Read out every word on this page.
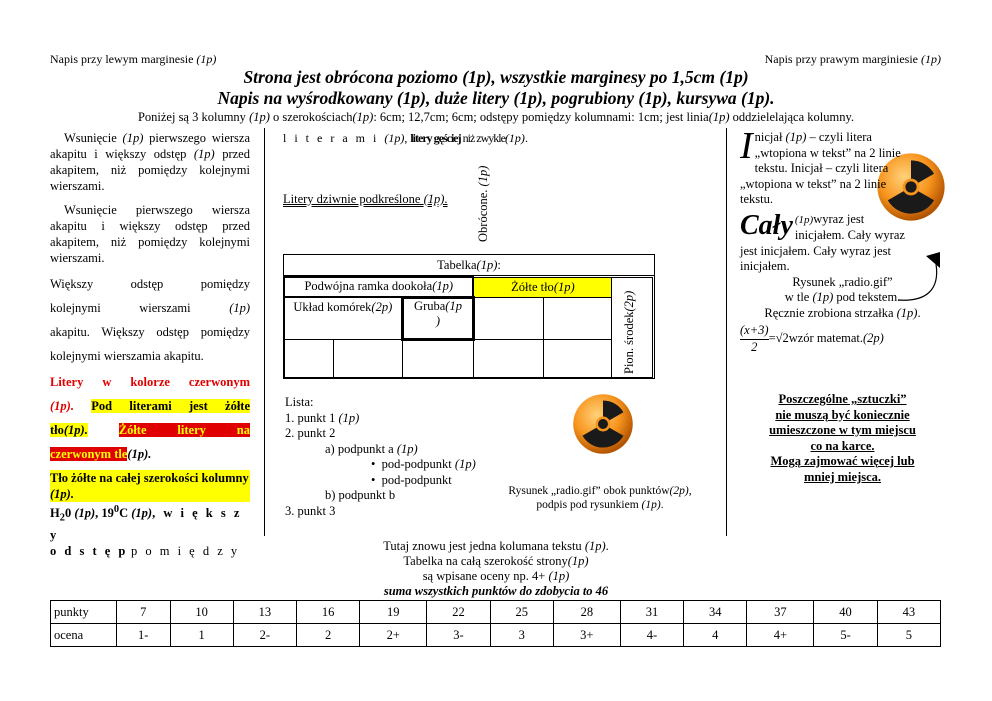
Napis przy lewym marginesie (1p)	Napis przy prawym marginiesie (1p)
Strona jest obrócona poziomo (1p), wszystkie marginesy po 1,5cm (1p)
Napis na wyśrodkowany (1p), duże litery (1p), pogrubiony (1p), kursywa (1p).
Poniżej są 3 kolumny (1p) o szerokościach(1p): 6cm; 12,7cm; 6cm; odstępy pomiędzy kolumnami: 1cm; jest linia(1p) oddzielelająca kolumny.

Wsunięcie (1p) pierwszego wiersza akapitu i większy odstęp (1p) przed akapitem, niż pomiędzy kolejnymi wierszami.

Wsunięcie pierwszego wiersza akapitu i większy odstęp przed akapitem, niż pomiędzy kolejnymi wierszami.

Większy odstęp pomiędzy
kolejnymi wierszami	(1p)
akapitu. Większy odstęp pomiędzy
kolejnymi wierszamia akapitu.
Litery w kolorze czerwonym
(1p). Pod literami jest żółte
tło(1p). Żółte litery na
czerwonym tle(1p).
Tło żółte na całej szerokości kolumny (1p).
$H_20$ (1p), $19^0C$ (1p), w i ę k s z y
o d s t ę p p o m i ę d z y
l i t e r a m i (1p), litery gęściej niż zwykle(1p).
Litery dziwnie podkreślone (1p). Obrócone. (1p)
Tabelka(1p):
Podwójna ramka dookoła(1p)			Żółte tło(1p)		Pion. środek(2p)

Układ komórek(2p)		Gruba(1p
)			

Lista:
1. punkt 1 (1p)
2. punkt 2
a) podpunkt a (1p)
•  pod-podpunkt (1p)
•  pod-podpunkt
b) podpunkt b
3. punkt 3
Rysunek „radio.gif” obok punktów(2p),
podpis pod rysunkiem (1p).
I nicjał (1p) – czyli litera
„wtopiona w tekst” na 2 linie
tekstu. Inicjał – czyli litera
„wtopiona w tekst” na 2 linie
tekstu.
Cały (1p)wyraz jest
inicjałem. Cały wyraz
jest inicjałem. Cały wyraz jest
inicjałem.
Rysunek „radio.gif”
w tle (1p) pod tekstem.
Ręcznie zrobiona strzałka (1p).
$\frac{(x+3)}{2} =√2$ wzór matemat. (2p)
Poszczególne „sztuczki”
nie muszą być koniecznie
umieszczone w tym miejscu
co na karce.
Mogą zajmować więcej lub
mniej miejsca.
Tutaj znowu jest jedna kolumana tekstu (1p).
Tabelka na całą szerokość strony(1p)
są wpisane oceny np. 4+ (1p)
suma wszystkich punktów do zdobycia to 46
punkty	7	10	13	16	19	22	25	28	31	34	37	40	43
ocena	1-	1	2-	2	2+	3-	3	3+	4-	4	4+	5-	5
